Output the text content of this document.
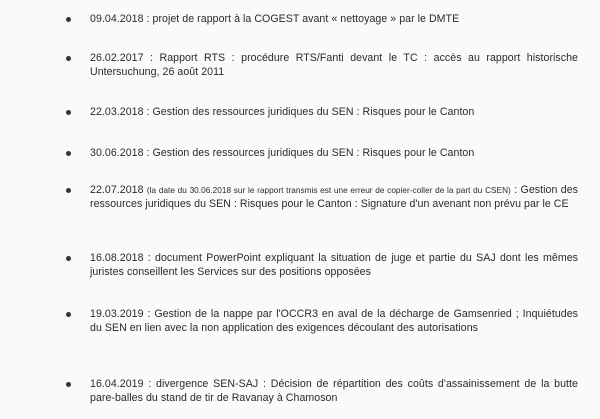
09.04.2018 : projet de rapport à la COGEST avant « nettoyage » par le DMTE
26.02.2017 : Rapport RTS : procédure RTS/Fanti devant le TC : accès au rapport historische Untersuchung, 26 août 2011
22.03.2018 : Gestion des ressources juridiques du SEN : Risques pour le Canton
30.06.2018 : Gestion des ressources juridiques du SEN : Risques pour le Canton
22.07.2018 (la date du 30.06.2018 sur le rapport transmis est une erreur de copier-coller de la part du CSEN) : Gestion des ressources juridiques du SEN : Risques pour le Canton : Signature d'un avenant non prévu par le CE
16.08.2018 : document PowerPoint expliquant la situation de juge et partie du SAJ dont les mêmes juristes conseillent les Services sur des positions opposées
19.03.2019 : Gestion de la nappe par l'OCCR3 en aval de la décharge de Gamsenried ; Inquiétudes du SEN en lien avec la non application des exigences découlant des autorisations
16.04.2019 : divergence SEN-SAJ : Décision de répartition des coûts d'assainissement de la butte pare-balles du stand de tir de Ravanay à Chamoson
